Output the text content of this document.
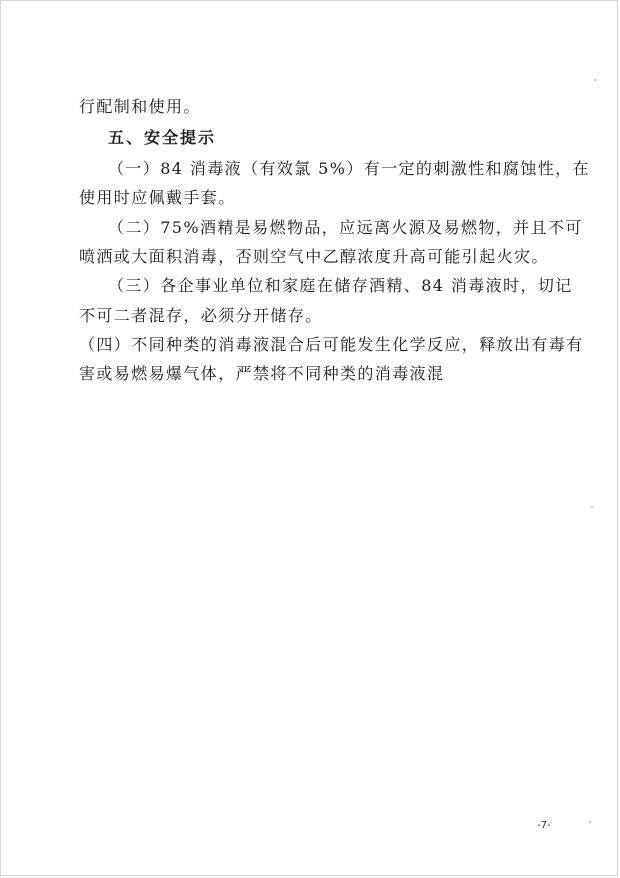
行配制和使用。
五、安全提示
（一）84 消毒液（有效氯 5%）有一定的刺激性和腐蚀性，在
使用时应佩戴手套。
（二）75%酒精是易燃物品，应远离火源及易燃物，并且不可
喷洒或大面积消毒，否则空气中乙醇浓度升高可能引起火灾。
（三）各企事业单位和家庭在储存酒精、84 消毒液时，切记
不可二者混存，必须分开储存。
（四）不同种类的消毒液混合后可能发生化学反应，释放出有毒有
害或易燃易爆气体，严禁将不同种类的消毒液混
-7-
